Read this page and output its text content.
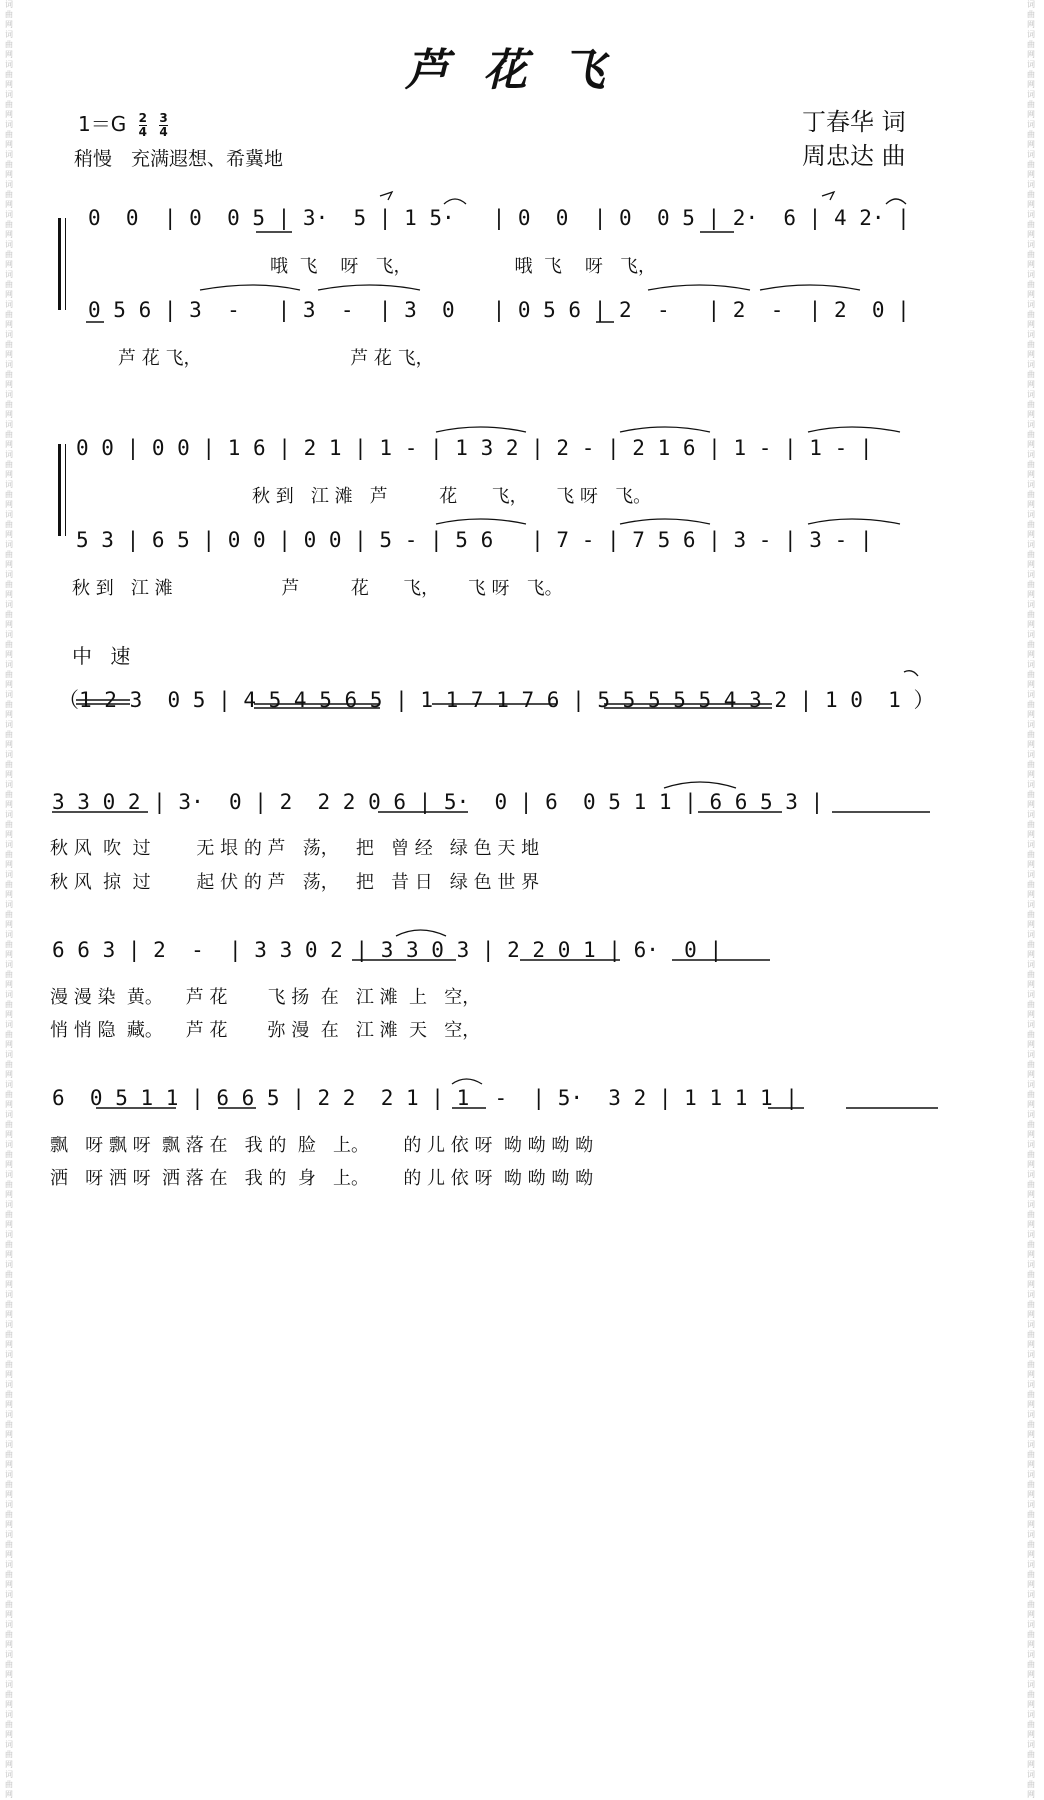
词曲网 词曲网 词曲网 词曲网 词曲网 词曲网 词曲网 词曲网 词曲网 词曲网 词曲网 词曲网 词曲网 词曲网 词曲网 词曲网 词曲网 词曲网 词曲网 词曲网 词曲网 词曲网 词曲网 词曲网 词曲网 词曲网 词曲网 词曲网 词曲网 词曲网 词曲网 词曲网 词曲网 词曲网 词曲网 词曲网 词曲网 词曲网 词曲网 词曲网 词曲网 词曲网 词曲网 词曲网 词曲网 词曲网 词曲网 词曲网 词曲网 词曲网 词曲网 词曲网 词曲网 词曲网 词曲网 词曲网 词曲网 词曲网 词曲网 词曲网
词曲网 词曲网 词曲网 词曲网 词曲网 词曲网 词曲网 词曲网 词曲网 词曲网 词曲网 词曲网 词曲网 词曲网 词曲网 词曲网 词曲网 词曲网 词曲网 词曲网 词曲网 词曲网 词曲网 词曲网 词曲网 词曲网 词曲网 词曲网 词曲网 词曲网 词曲网 词曲网 词曲网 词曲网 词曲网 词曲网 词曲网 词曲网 词曲网 词曲网 词曲网 词曲网 词曲网 词曲网 词曲网 词曲网 词曲网 词曲网 词曲网 词曲网 词曲网 词曲网 词曲网 词曲网 词曲网 词曲网 词曲网 词曲网 词曲网 词曲网
芦花飞
$1=G \frac{2}{4}$
$\frac{3}{4}$
稍慢　充满遐想、希冀地
丁春华 词
周忠达 曲
0  0  | 0  0 5 | 3·  5 | 1 5·   | 0  0  | 0  0 5 | 2·  6 | 4 2· |
哦  飞    呀   飞，                  哦  飞    呀   飞，
0 5 6 | 3  -   | 3  -  | 3  0   | 0 5 6 | 2  -   | 2  -  | 2  0 |
芦 花 飞，                          芦 花 飞，
0 0 | 0 0 | 1 6 | 2 1 | 1 - | 1 3 2 | 2 - | 2 1 6 | 1 - | 1 - |
秋 到   江 滩   芦         花      飞，     飞 呀   飞。
5 3 | 6 5 | 0 0 | 0 0 | 5 - | 5 6   | 7 - | 7 5 6 | 3 - | 3 - |
秋 到   江 滩                   芦         花      飞，     飞 呀   飞。
中 速
（1 2 3  0 5 | 4 5 4 5 6 5 | 1 1 7 1 7 6 | 5 5 5 5 5 4 3 2 | 1 0  1 ）
3 3 0 2 | 3·  0 | 2  2 2 0 6 | 5·  0 | 6  0 5 1 1 | 6 6 5 3 |
秋 风  吹  过        无 垠 的 芦   荡，   把   曾 经   绿 色 天 地
秋 风  掠  过        起 伏 的 芦   荡，   把   昔 日   绿 色 世 界
6 6 3 | 2  -  | 3 3 0 2 | 3 3 0 3 | 2 2 0 1 | 6·  0 |
漫 漫 染  黄。    芦 花       飞 扬  在   江 滩  上   空，
悄 悄 隐  藏。    芦 花       弥 漫  在   江 滩  天   空，
6  0 5 1 1 | 6 6 5 | 2 2  2 1 | 1  -  | 5·  3 2 | 1 1 1 1 |
飘   呀 飘 呀  飘 落 在   我 的  脸   上。      的 儿 依 呀  呦 呦 呦 呦
洒   呀 洒 呀  洒 落 在   我 的  身   上。      的 儿 依 呀  呦 呦 呦 呦
